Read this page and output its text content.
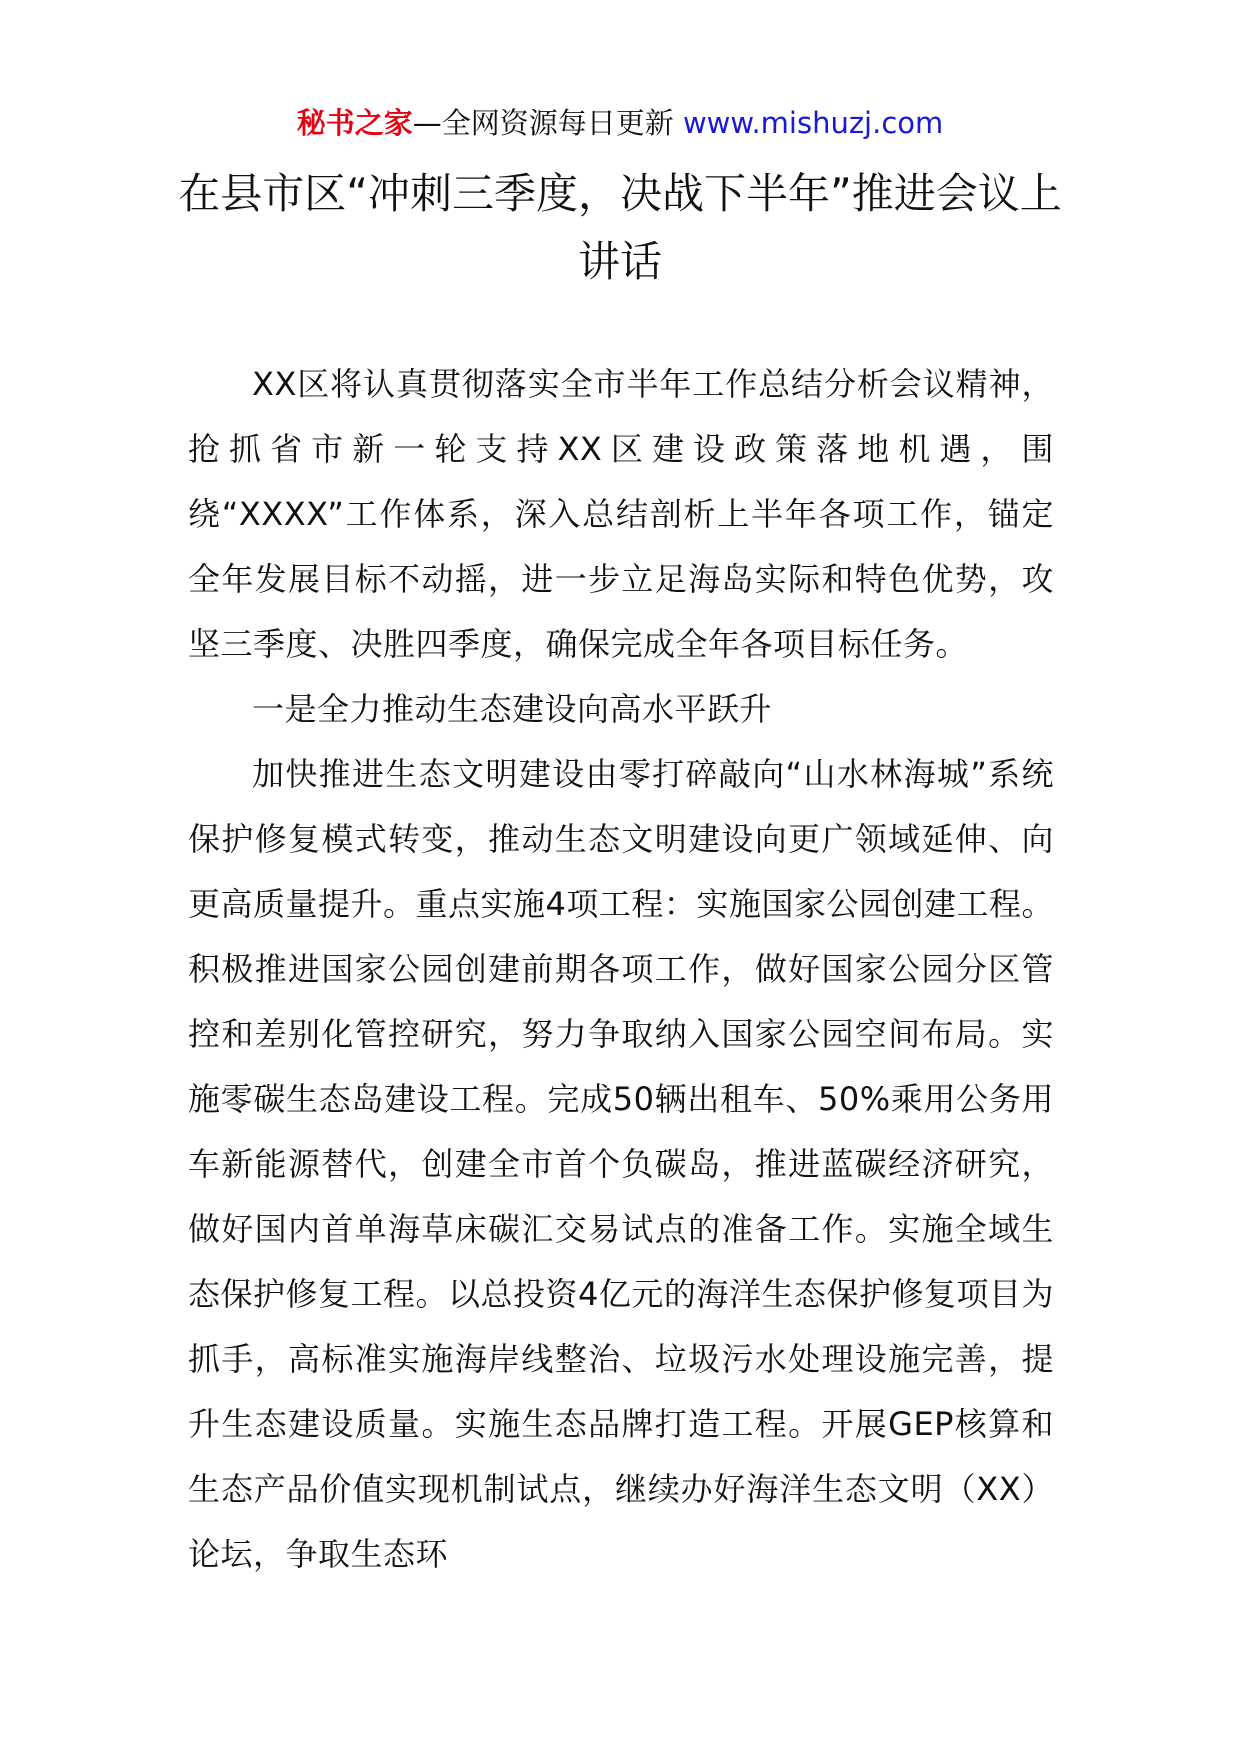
秘书之家—全网资源每日更新 www.mishuzj.com
在县市区“冲刺三季度，决战下半年”推进会议上讲话

XX区将认真贯彻落实全市半年工作总结分析会议精神，抢抓省市新一轮支持XX区建设政策落地机遇，围绕“XXXX”工作体系，深入总结剖析上半年各项工作，锚定全年发展目标不动摇，进一步立足海岛实际和特色优势，攻坚三季度、决胜四季度，确保完成全年各项目标任务。

一是全力推动生态建设向高水平跃升

加快推进生态文明建设由零打碎敲向“山水林海城”系统保护修复模式转变，推动生态文明建设向更广领域延伸、向更高质量提升。重点实施4项工程：实施国家公园创建工程。积极推进国家公园创建前期各项工作，做好国家公园分区管控和差别化管控研究，努力争取纳入国家公园空间布局。实施零碳生态岛建设工程。完成50辆出租车、50%乘用公务用车新能源替代，创建全市首个负碳岛，推进蓝碳经济研究，做好国内首单海草床碳汇交易试点的准备工作。实施全域生态保护修复工程。以总投资4亿元的海洋生态保护修复项目为抓手，高标准实施海岸线整治、垃圾污水处理设施完善，提升生态建设质量。实施生态品牌打造工程。开展GEP核算和生态产品价值实现机制试点，继续办好海洋生态文明（XX）论坛，争取生态环
